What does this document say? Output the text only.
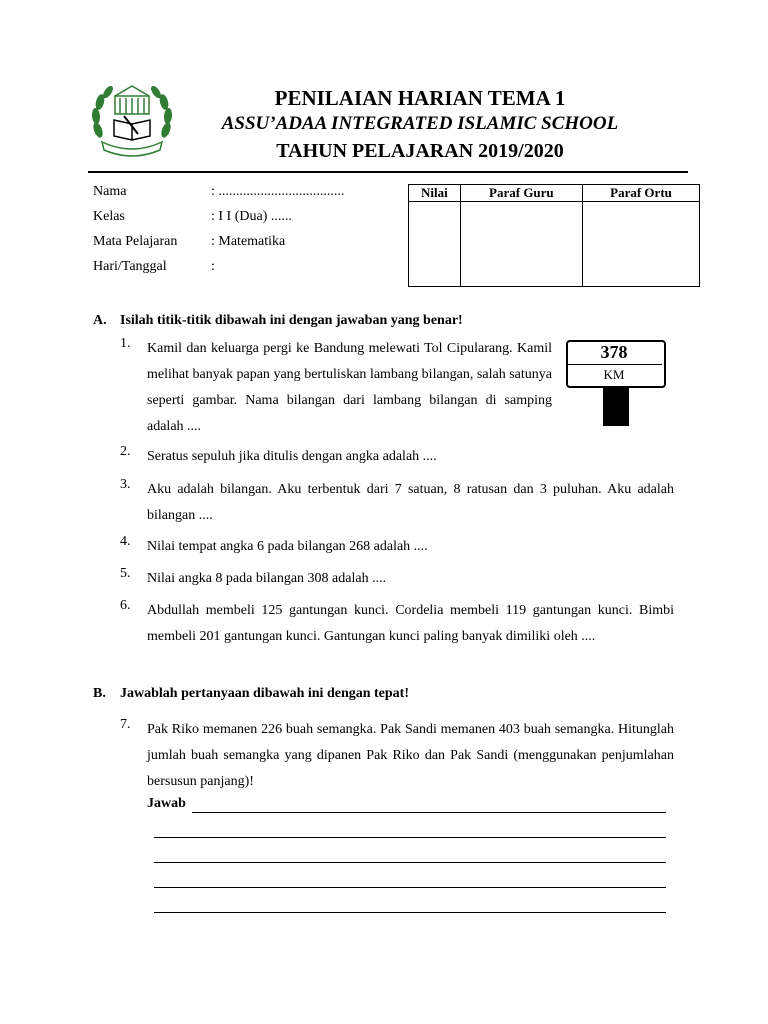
PENILAIAN HARIAN TEMA 1
ASSU’ADAA INTEGRATED ISLAMIC SCHOOL
TAHUN PELAJARAN 2019/2020
Nama	: ....................................
Kelas	: I I (Dua) ......
Mata Pelajaran	: Matematika
Hari/Tanggal	:
Nilai	Paraf Guru	Paraf Ortu

A. Isilah titik-titik dibawah ini dengan jawaban yang benar!
1.	Kamil dan keluarga pergi ke Bandung melewati Tol Cipularang. Kamil melihat banyak papan yang bertuliskan lambang bilangan, salah satunya seperti gambar. Nama bilangan dari lambang bilangan di samping adalah ....
378
KM
2.	Seratus sepuluh jika ditulis dengan angka adalah ....
3.	Aku adalah bilangan. Aku terbentuk dari 7 satuan, 8 ratusan dan 3 puluhan. Aku adalah bilangan ....
4.	Nilai tempat angka 6 pada bilangan 268 adalah ....
5.	Nilai angka 8 pada bilangan 308 adalah ....
6.	Abdullah membeli 125 gantungan kunci. Cordelia membeli 119 gantungan kunci. Bimbi membeli 201 gantungan kunci. Gantungan kunci paling banyak dimiliki oleh ....
B. Jawablah pertanyaan dibawah ini dengan tepat!
7.	Pak Riko memanen 226 buah semangka. Pak Sandi memanen 403 buah semangka. Hitunglah jumlah buah semangka yang dipanen Pak Riko dan Pak Sandi (menggunakan penjumlahan bersusun panjang)!
Jawab
